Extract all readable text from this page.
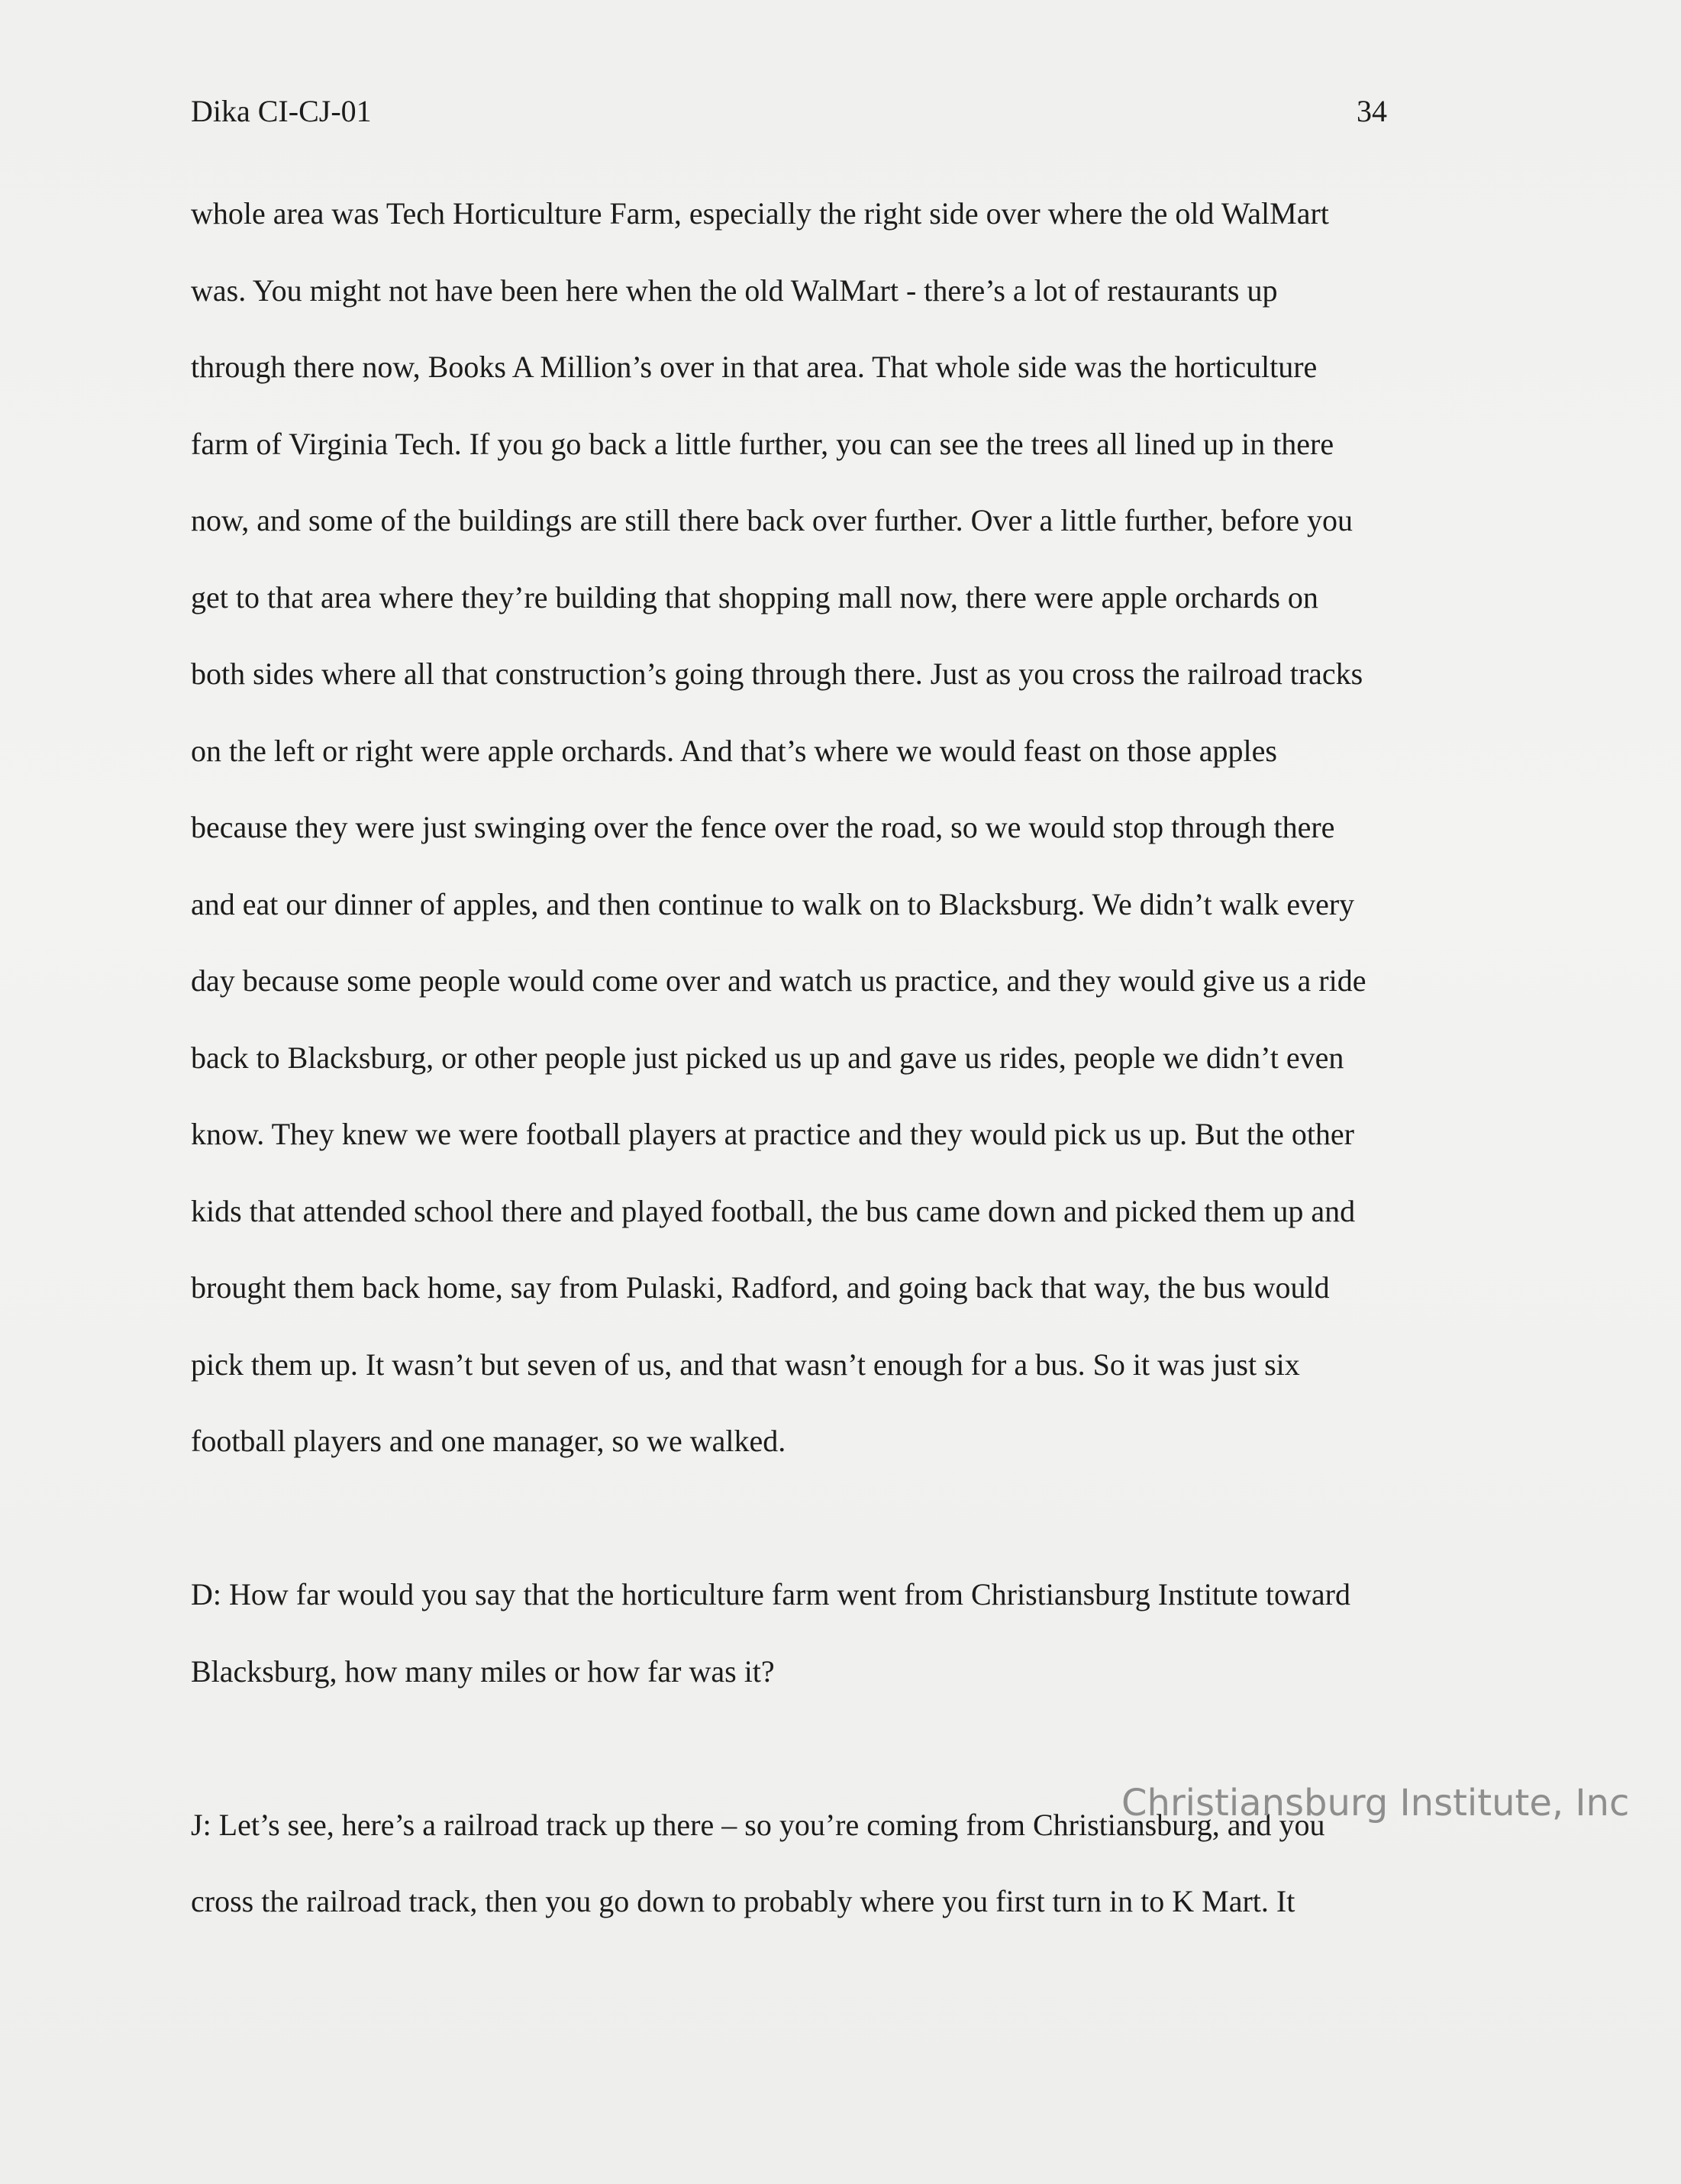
Dika CI-CJ-01	34
whole area was Tech Horticulture Farm, especially the right side over where the old WalMart
was. You might not have been here when the old WalMart - there’s a lot of restaurants up
through there now, Books A Million’s over in that area. That whole side was the horticulture
farm of Virginia Tech. If you go back a little further, you can see the trees all lined up in there
now, and some of the buildings are still there back over further. Over a little further, before you
get to that area where they’re building that shopping mall now, there were apple orchards on
both sides where all that construction’s going through there. Just as you cross the railroad tracks
on the left or right were apple orchards. And that’s where we would feast on those apples
because they were just swinging over the fence over the road, so we would stop through there
and eat our dinner of apples, and then continue to walk on to Blacksburg. We didn’t walk every
day because some people would come over and watch us practice, and they would give us a ride
back to Blacksburg, or other people just picked us up and gave us rides, people we didn’t even
know. They knew we were football players at practice and they would pick us up. But the other
kids that attended school there and played football, the bus came down and picked them up and
brought them back home, say from Pulaski, Radford, and going back that way, the bus would
pick them up. It wasn’t but seven of us, and that wasn’t enough for a bus. So it was just six
football players and one manager, so we walked.
D: How far would you say that the horticulture farm went from Christiansburg Institute toward
Blacksburg, how many miles or how far was it?
J: Let’s see, here’s a railroad track up there – so you’re coming from Christiansburg, and you
cross the railroad track, then you go down to probably where you first turn in to K Mart. It
Christiansburg Institute, Inc
